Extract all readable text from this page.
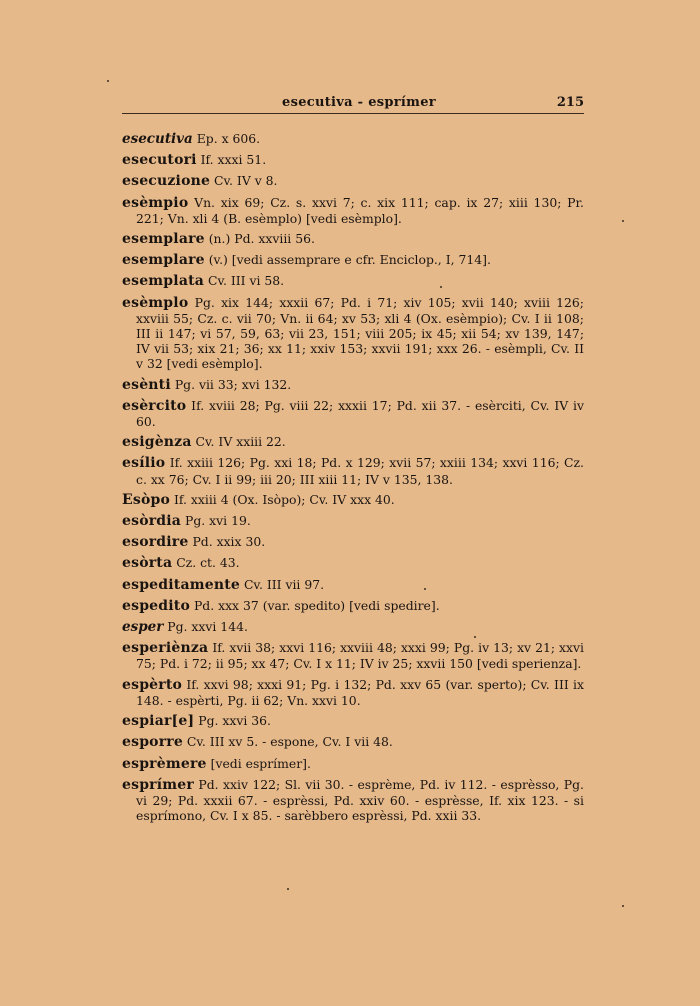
esecutiva - esprímer	215
esecutiva Ep. x 606.
esecutori If. xxxi 51.
esecuzione Cv. IV v 8.
esèmpio Vn. xix 69; Cz. s. xxvi 7; c. xix 111; cap. ix 27; xiii 130; Pr. 221; Vn. xli 4 (B. esèmplo) [vedi esèmplo].
esemplare (n.) Pd. xxviii 56.
esemplare (v.) [vedi assemprare e cfr. Enciclop., I, 714].
esemplata Cv. III vi 58.
esèmplo Pg. xix 144; xxxii 67; Pd. i 71; xiv 105; xvii 140; xviii 126; xxviii 55; Cz. c. vii 70; Vn. ii 64; xv 53; xli 4 (Ox. esèmpio); Cv. I ii 108; III ii 147; vi 57, 59, 63; vii 23, 151; viii 205; ix 45; xii 54; xv 139, 147; IV vii 53; xix 21; 36; xx 11; xxiv 153; xxvii 191; xxx 26. - esèmpli, Cv. II v 32 [vedi esèmplo].
esènti Pg. vii 33; xvi 132.
esèrcito If. xviii 28; Pg. viii 22; xxxii 17; Pd. xii 37. - esèrciti, Cv. IV iv 60.
esigènza Cv. IV xxiii 22.
esílio If. xxiii 126; Pg. xxi 18; Pd. x 129; xvii 57; xxiii 134; xxvi 116; Cz. c. xx 76; Cv. I ii 99; iii 20; III xiii 11; IV v 135, 138.
Esòpo If. xxiii 4 (Ox. Isòpo); Cv. IV xxx 40.
esòrdia Pg. xvi 19.
esordire Pd. xxix 30.
esòrta Cz. ct. 43.
espeditamente Cv. III vii 97.
espedito Pd. xxx 37 (var. spedito) [vedi spedire].
esper Pg. xxvi 144.
esperiènza If. xvii 38; xxvi 116; xxviii 48; xxxi 99; Pg. iv 13; xv 21; xxvi 75; Pd. i 72; ii 95; xx 47; Cv. I x 11; IV iv 25; xxvii 150 [vedi sperienza].
espèrto If. xxvi 98; xxxi 91; Pg. i 132; Pd. xxv 65 (var. sperto); Cv. III ix 148. - espèrti, Pg. ii 62; Vn. xxvi 10.
espiar[e] Pg. xxvi 36.
esporre Cv. III xv 5. - espone, Cv. I vii 48.
esprèmere [vedi esprímer].
esprímer Pd. xxiv 122; Sl. vii 30. - esprème, Pd. iv 112. - esprèsso, Pg. vi 29; Pd. xxxii 67. - esprèssi, Pd. xxiv 60. - esprèsse, If. xix 123. - si esprímono, Cv. I x 85. - sarèbbero esprèssi, Pd. xxii 33.
